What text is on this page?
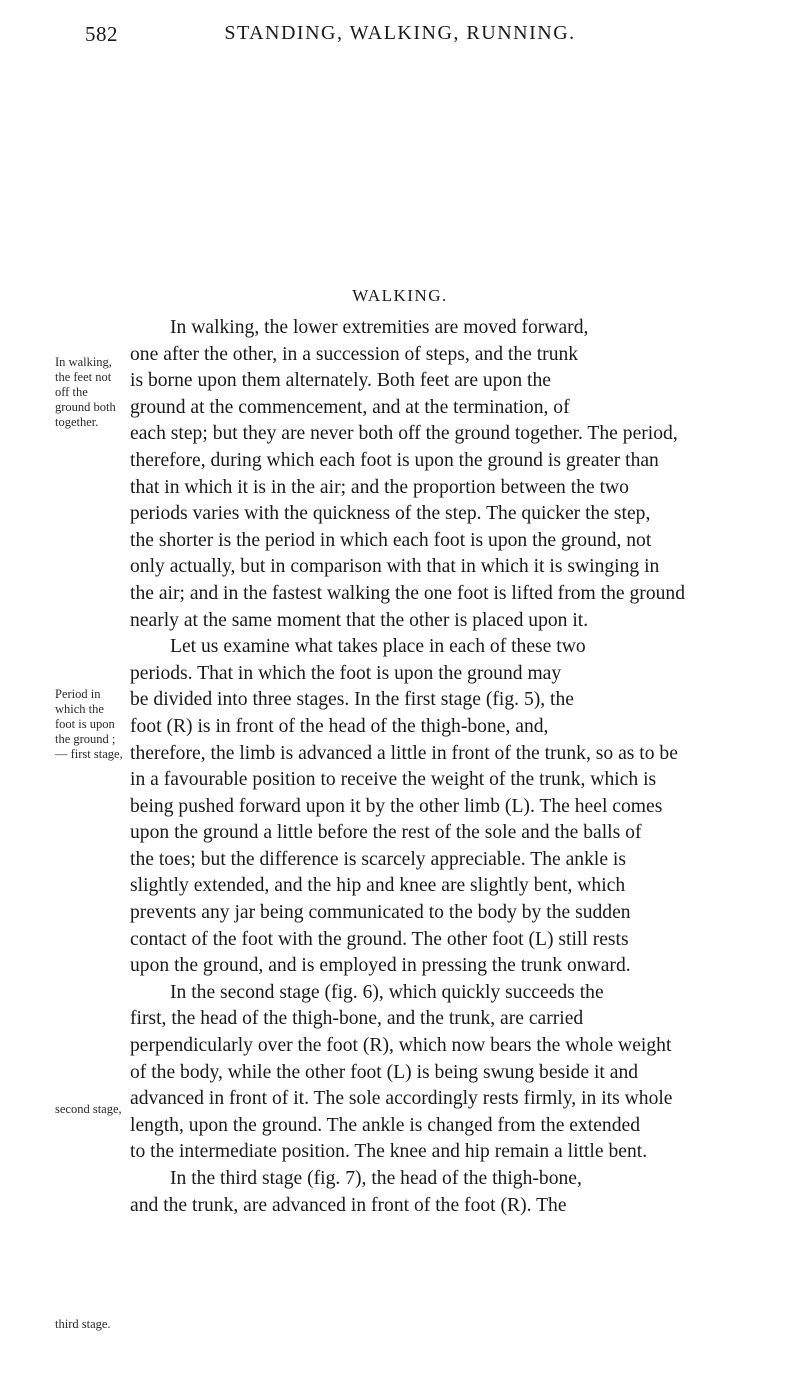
582	STANDING, WALKING, RUNNING.
WALKING.
In walking, the feet not off the ground both together.
Period in which the foot is upon the ground ;— first stage,
second stage,
third stage.

In walking, the lower extremities are moved forward,

one after the other, in a succession of steps, and the trunk

is borne upon them alternately. Both feet are upon the

ground at the commencement, and at the termination, of

each step; but they are never both off the ground together. The period,

therefore, during which each foot is upon the ground is greater than

that in which it is in the air; and the proportion between the two

periods varies with the quickness of the step. The quicker the step,

the shorter is the period in which each foot is upon the ground, not

only actually, but in comparison with that in which it is swinging in

the air; and in the fastest walking the one foot is lifted from the ground

nearly at the same moment that the other is placed upon it.

Let us examine what takes place in each of these two

periods. That in which the foot is upon the ground may

be divided into three stages. In the first stage (fig. 5), the

foot (R) is in front of the head of the thigh-bone, and,

therefore, the limb is advanced a little in front of the trunk, so as to be

in a favourable position to receive the weight of the trunk, which is

being pushed forward upon it by the other limb (L). The heel comes

upon the ground a little before the rest of the sole and the balls of

the toes; but the difference is scarcely appreciable. The ankle is

slightly extended, and the hip and knee are slightly bent, which

prevents any jar being communicated to the body by the sudden

contact of the foot with the ground. The other foot (L) still rests

upon the ground, and is employed in pressing the trunk onward.

In the second stage (fig. 6), which quickly succeeds the

first, the head of the thigh-bone, and the trunk, are carried

perpendicularly over the foot (R), which now bears the whole weight

of the body, while the other foot (L) is being swung beside it and

advanced in front of it. The sole accordingly rests firmly, in its whole

length, upon the ground. The ankle is changed from the extended

to the intermediate position. The knee and hip remain a little bent.

In the third stage (fig. 7), the head of the thigh-bone,

and the trunk, are advanced in front of the foot (R). The
